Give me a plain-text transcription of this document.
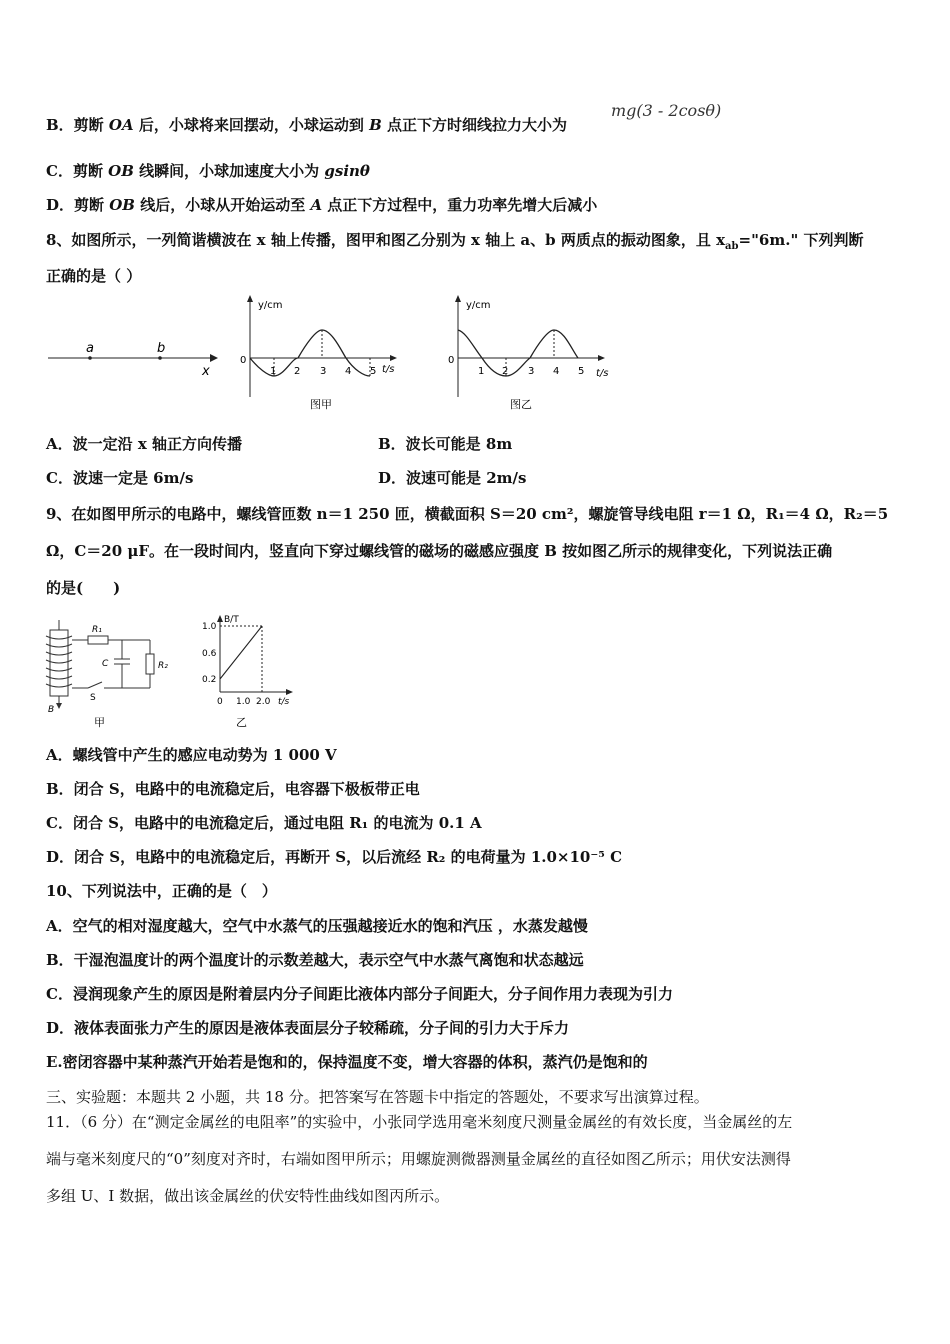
B．剪断 OA 后，小球将来回摆动，小球运动到 B 点正下方时细线拉力大小为
mg(3 - 2cosθ)
C．剪断 OB 线瞬间，小球加速度大小为 gsinθ
D．剪断 OB 线后，小球从开始运动至 A 点正下方过程中，重力功率先增大后减小
8、如图所示，一列简谐横波在 x 轴上传播，图甲和图乙分别为 x 轴上 a、b 两质点的振动图象，且 $x_{ab}="6m$." 下列判断
正确的是（ ）
a	b
x
y/cm
0
t/s
1 2 3 4 5
图甲
y/cm
0
t/s
1 2 3 4 5
图乙
A．波一定沿 x 轴正方向传播	B．波长可能是 8m
C．波速一定是 6m/s	D．波速可能是 2m/s
9、在如图甲所示的电路中，螺线管匝数 n＝1 250 匝，横截面积 S＝20 cm²，螺旋管导线电阻 r＝1 Ω，R₁＝4 Ω，R₂＝5
Ω，C＝20 μF。在一段时间内，竖直向下穿过螺线管的磁场的磁感应强度 B 按如图乙所示的规律变化，下列说法正确
的是(　　)
R₁
C	R₂
S
B
甲
B/T
1.0
0.6
0.2
0 1.0 2.0 t/s
乙
A．螺线管中产生的感应电动势为 1 000 V
B．闭合 S，电路中的电流稳定后，电容器下极板带正电
C．闭合 S，电路中的电流稳定后，通过电阻 R₁ 的电流为 0.1 A
D．闭合 S，电路中的电流稳定后，再断开 S，以后流经 R₂ 的电荷量为 1.0×10⁻⁵ C
10、下列说法中，正确的是（　）
A．空气的相对湿度越大，空气中水蒸气的压强越接近水的饱和汽压 ，水蒸发越慢
B．干湿泡温度计的两个温度计的示数差越大，表示空气中水蒸气离饱和状态越远
C．浸润现象产生的原因是附着层内分子间距比液体内部分子间距大，分子间作用力表现为引力
D．液体表面张力产生的原因是液体表面层分子较稀疏，分子间的引力大于斥力
E.密闭容器中某种蒸汽开始若是饱和的，保持温度不变，增大容器的体积，蒸汽仍是饱和的
三、实验题：本题共 2 小题，共 18 分。把答案写在答题卡中指定的答题处，不要求写出演算过程。
11．（6 分）在“测定金属丝的电阻率”的实验中，小张同学选用毫米刻度尺测量金属丝的有效长度，当金属丝的左
端与毫米刻度尺的“0”刻度对齐时，右端如图甲所示；用螺旋测微器测量金属丝的直径如图乙所示；用伏安法测得
多组 U、I 数据，做出该金属丝的伏安特性曲线如图丙所示。
